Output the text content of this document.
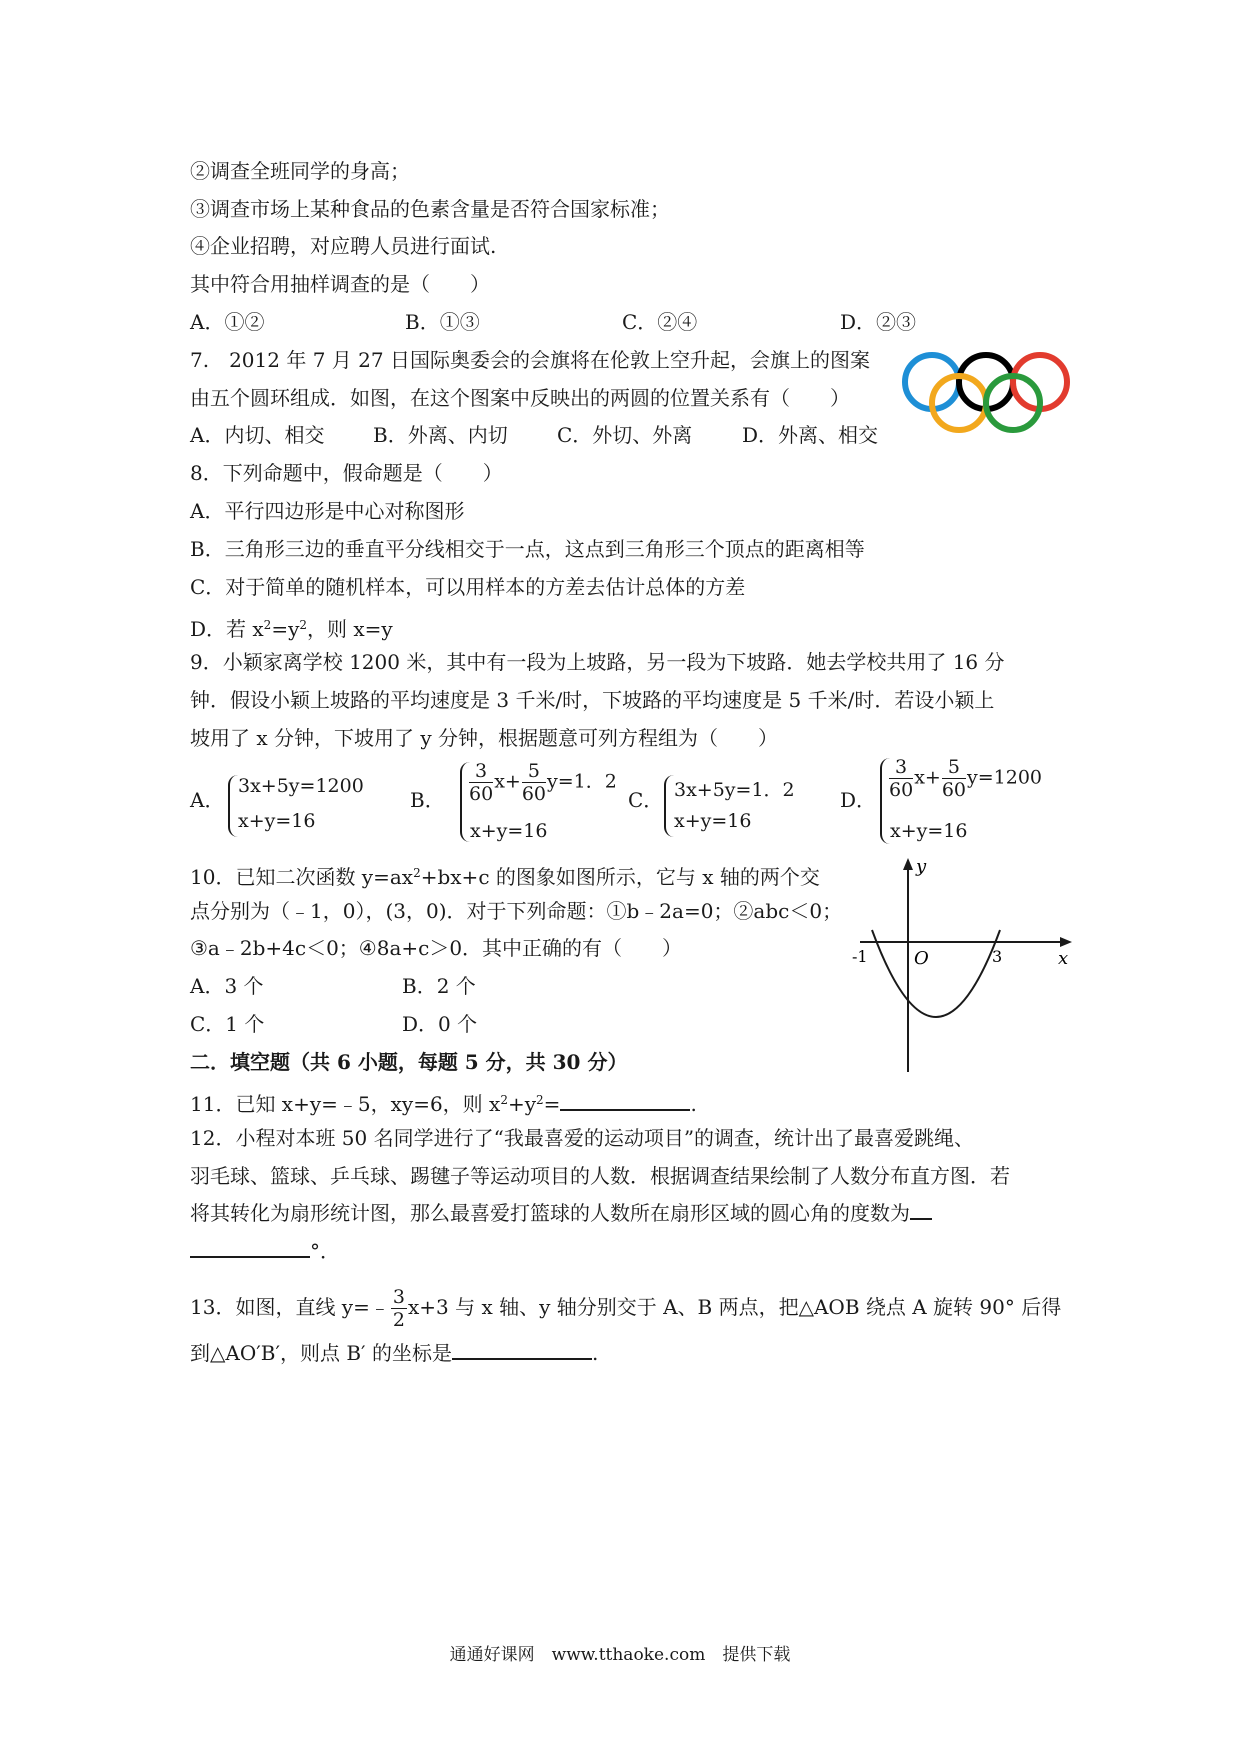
②调查全班同学的身高；
③调查市场上某种食品的色素含量是否符合国家标准；
④企业招聘，对应聘人员进行面试.
其中符合用抽样调查的是（　　）
A．①②	B．①③	C．②④	D．②③
7.　2012 年 7 月 27 日国际奥委会的会旗将在伦敦上空升起，会旗上的图案
由五个圆环组成．如图，在这个图案中反映出的两圆的位置关系有（　　）
A．内切、相交 B．外离、内切 C．外切、外离 D．外离、相交
8．下列命题中，假命题是（　　）
A．平行四边形是中心对称图形
B．三角形三边的垂直平分线相交于一点，这点到三角形三个顶点的距离相等
C．对于简单的随机样本，可以用样本的方差去估计总体的方差
D．若 $x^2=y^2$，则 x=y
9．小颖家离学校 1200 米，其中有一段为上坡路，另一段为下坡路．她去学校共用了 16 分
钟．假设小颖上坡路的平均速度是 3 千米/时，下坡路的平均速度是 5 千米/时．若设小颖上
坡用了 x 分钟，下坡用了 y 分钟，根据题意可列方程组为（　　）
A．
3x+5y=1200
x+y=16
B． $\frac{3}{60} x+ \frac{5}{60} y=1$．2
x+y=16
C． 3x+5y=1．2
x+y=16
D． $\frac{3}{60} x+ \frac{5}{60} y=1200$
x+y=16
10．已知二次函数 $y=ax^2+bx+c$ 的图象如图所示，它与 x 轴的两个交
点分别为（﹣1，0），(3，0)．对于下列命题：①b﹣2a=0；②abc＜0；
③a﹣2b+4c＜0；④8a+c＞0．其中正确的有（　　）
A．3 个	B．2 个
C．1 个	D．0 个
y
x
O
-1	3
二．填空题（共 6 小题，每题 5 分，共 30 分）
11．已知 x+y=﹣5，xy=6，则 $x^2+y^2=$	.
12．小程对本班 50 名同学进行了“我最喜爱的运动项目”的调查，统计出了最喜爱跳绳、
羽毛球、篮球、乒乓球、踢毽子等运动项目的人数．根据调查结果绘制了人数分布直方图．若
将其转化为扇形统计图，那么最喜爱打篮球的人数所在扇形区域的圆心角的度数为
°．
13．如图，直线 y=﹣ $\frac{3}{2} x+3$ 与 x 轴、y 轴分别交于 A、B 两点，把△AOB 绕点 A 旋转 90° 后得
到△AO′B′，则点 B′ 的坐标是	.
通通好课网　www.tthaoke.com　提供下载
